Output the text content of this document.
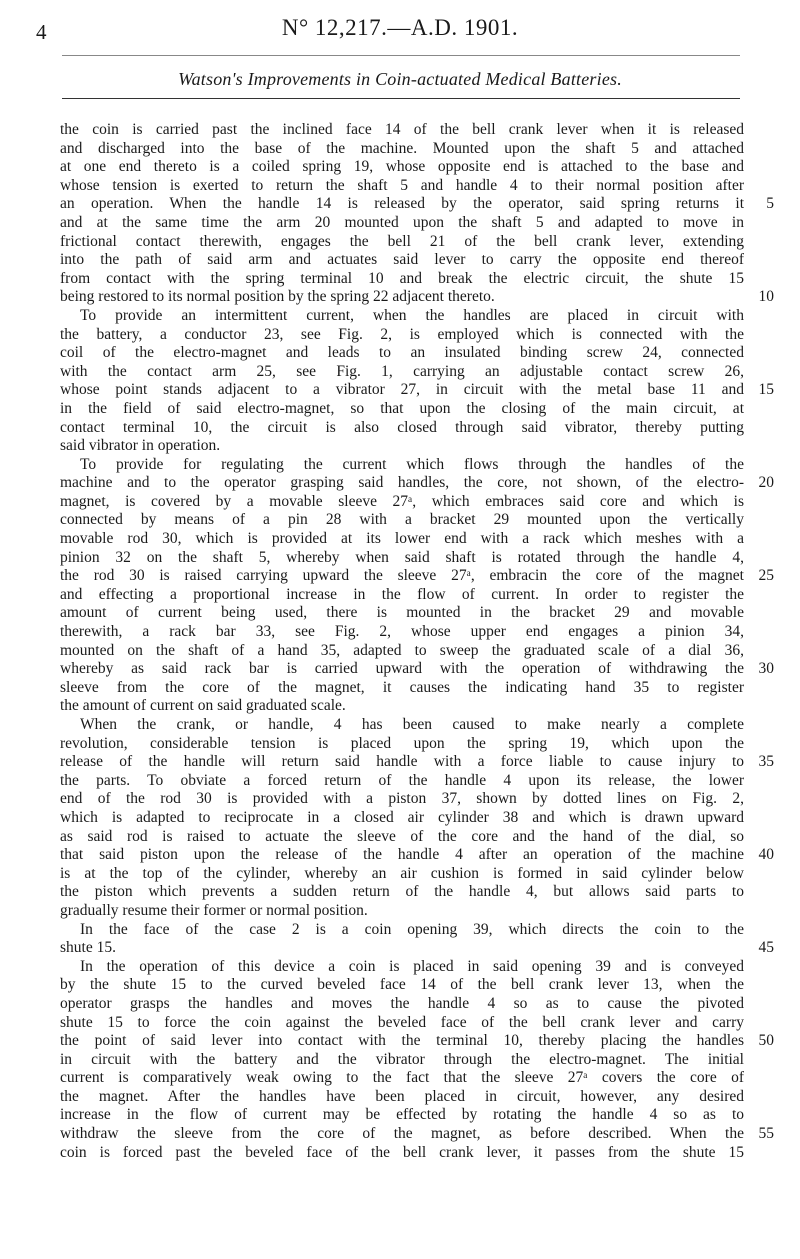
4	N° 12,217.—A.D. 1901.
Watson's Improvements in Coin-actuated Medical Batteries.
the coin is carried past the inclined face 14 of the bell crank lever when it is released
and discharged into the base of the machine. Mounted upon the shaft 5 and attached
at one end thereto is a coiled spring 19, whose opposite end is attached to the base and
whose tension is exerted to return the shaft 5 and handle 4 to their normal position after
an operation. When the handle 14 is released by the operator, said spring returns it
and at the same time the arm 20 mounted upon the shaft 5 and adapted to move in
frictional contact therewith, engages the bell 21 of the bell crank lever, extending
into the path of said arm and actuates said lever to carry the opposite end thereof
from contact with the spring terminal 10 and break the electric circuit, the shute 15
being restored to its normal position by the spring 22 adjacent thereto.
To provide an intermittent current, when the handles are placed in circuit with
the battery, a conductor 23, see Fig. 2, is employed which is connected with the
coil of the electro-magnet and leads to an insulated binding screw 24, connected
with the contact arm 25, see Fig. 1, carrying an adjustable contact screw 26,
whose point stands adjacent to a vibrator 27, in circuit with the metal base 11 and
in the field of said electro-magnet, so that upon the closing of the main circuit, at
contact terminal 10, the circuit is also closed through said vibrator, thereby putting
said vibrator in operation.
To provide for regulating the current which flows through the handles of the
machine and to the operator grasping said handles, the core, not shown, of the electro-
magnet, is covered by a movable sleeve 27ᵃ, which embraces said core and which is
connected by means of a pin 28 with a bracket 29 mounted upon the vertically
movable rod 30, which is provided at its lower end with a rack which meshes with a
pinion 32 on the shaft 5, whereby when said shaft is rotated through the handle 4,
the rod 30 is raised carrying upward the sleeve 27ᵃ, embracin the core of the magnet
and effecting a proportional increase in the flow of current. In order to register the
amount of current being used, there is mounted in the bracket 29 and movable
therewith, a rack bar 33, see Fig. 2, whose upper end engages a pinion 34,
mounted on the shaft of a hand 35, adapted to sweep the graduated scale of a dial 36,
whereby as said rack bar is carried upward with the operation of withdrawing the
sleeve from the core of the magnet, it causes the indicating hand 35 to register
the amount of current on said graduated scale.
When the crank, or handle, 4 has been caused to make nearly a complete
revolution, considerable tension is placed upon the spring 19, which upon the
release of the handle will return said handle with a force liable to cause injury to
the parts. To obviate a forced return of the handle 4 upon its release, the lower
end of the rod 30 is provided with a piston 37, shown by dotted lines on Fig. 2,
which is adapted to reciprocate in a closed air cylinder 38 and which is drawn upward
as said rod is raised to actuate the sleeve of the core and the hand of the dial, so
that said piston upon the release of the handle 4 after an operation of the machine
is at the top of the cylinder, whereby an air cushion is formed in said cylinder below
the piston which prevents a sudden return of the handle 4, but allows said parts to
gradually resume their former or normal position.
In the face of the case 2 is a coin opening 39, which directs the coin to the
shute 15.
In the operation of this device a coin is placed in said opening 39 and is conveyed
by the shute 15 to the curved beveled face 14 of the bell crank lever 13, when the
operator grasps the handles and moves the handle 4 so as to cause the pivoted
shute 15 to force the coin against the beveled face of the bell crank lever and carry
the point of said lever into contact with the terminal 10, thereby placing the handles
in circuit with the battery and the vibrator through the electro-magnet. The initial
current is comparatively weak owing to the fact that the sleeve 27ᵃ covers the core of
the magnet. After the handles have been placed in circuit, however, any desired
increase in the flow of current may be effected by rotating the handle 4 so as to
withdraw the sleeve from the core of the magnet, as before described. When the
coin is forced past the beveled face of the bell crank lever, it passes from the shute 15
5
10
15
20
25
30
35
40
45
50
55
